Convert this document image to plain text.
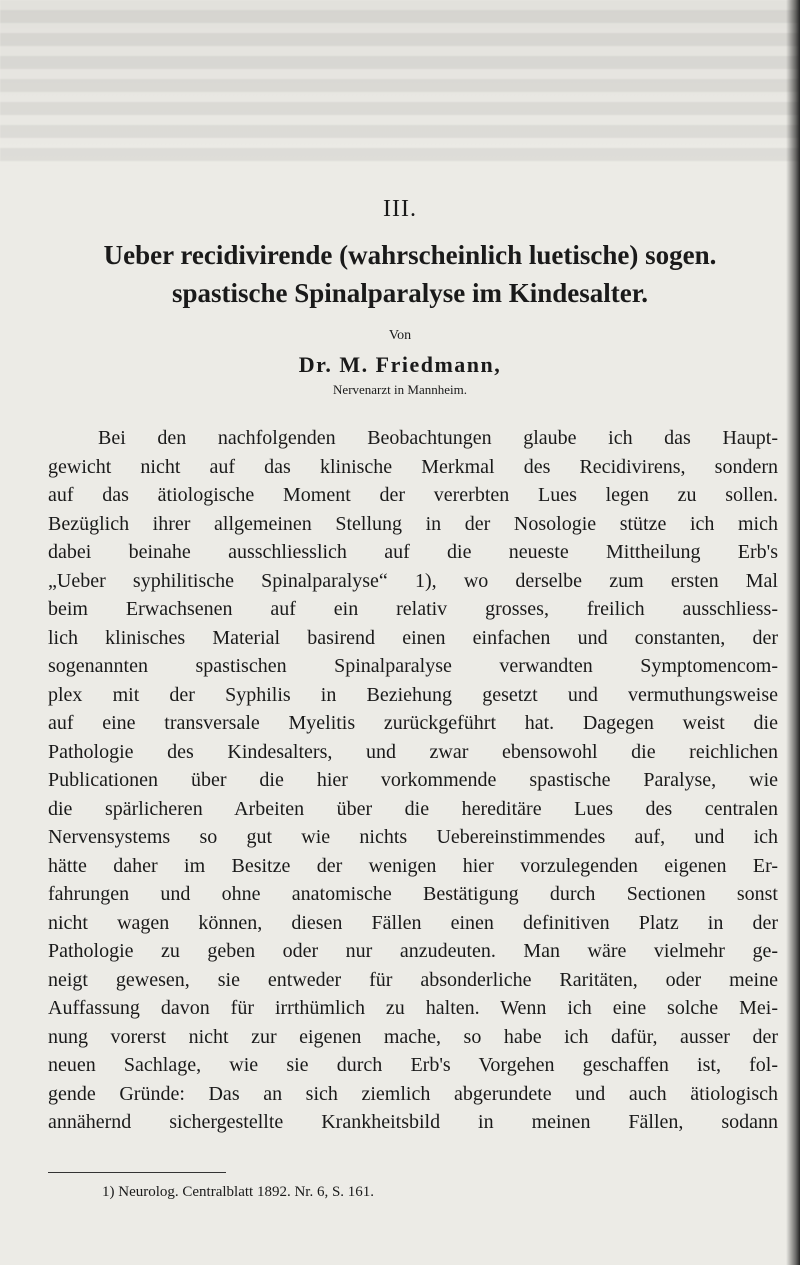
III.
Ueber recidivirende (wahrscheinlich luetische) sogen.
spastische Spinalparalyse im Kindesalter.
Von
Dr. M. Friedmann,
Nervenarzt in Mannheim.
Bei den nachfolgenden Beobachtungen glaube ich das Haupt-
gewicht nicht auf das klinische Merkmal des Recidivirens, sondern
auf das ätiologische Moment der vererbten Lues legen zu sollen.
Bezüglich ihrer allgemeinen Stellung in der Nosologie stütze ich mich
dabei beinahe ausschliesslich auf die neueste Mittheilung Erb's
„Ueber syphilitische Spinalparalyse“ 1), wo derselbe zum ersten Mal
beim Erwachsenen auf ein relativ grosses, freilich ausschliess-
lich klinisches Material basirend einen einfachen und constanten, der
sogenannten spastischen Spinalparalyse verwandten Symptomencom-
plex mit der Syphilis in Beziehung gesetzt und vermuthungsweise
auf eine transversale Myelitis zurückgeführt hat. Dagegen weist die
Pathologie des Kindesalters, und zwar ebensowohl die reichlichen
Publicationen über die hier vorkommende spastische Paralyse, wie
die spärlicheren Arbeiten über die hereditäre Lues des centralen
Nervensystems so gut wie nichts Uebereinstimmendes auf, und ich
hätte daher im Besitze der wenigen hier vorzulegenden eigenen Er-
fahrungen und ohne anatomische Bestätigung durch Sectionen sonst
nicht wagen können, diesen Fällen einen definitiven Platz in der
Pathologie zu geben oder nur anzudeuten. Man wäre vielmehr ge-
neigt gewesen, sie entweder für absonderliche Raritäten, oder meine
Auffassung davon für irrthümlich zu halten. Wenn ich eine solche Mei-
nung vorerst nicht zur eigenen mache, so habe ich dafür, ausser der
neuen Sachlage, wie sie durch Erb's Vorgehen geschaffen ist, fol-
gende Gründe: Das an sich ziemlich abgerundete und auch ätiologisch
annähernd sichergestellte Krankheitsbild in meinen Fällen, sodann
1) Neurolog. Centralblatt 1892. Nr. 6, S. 161.
